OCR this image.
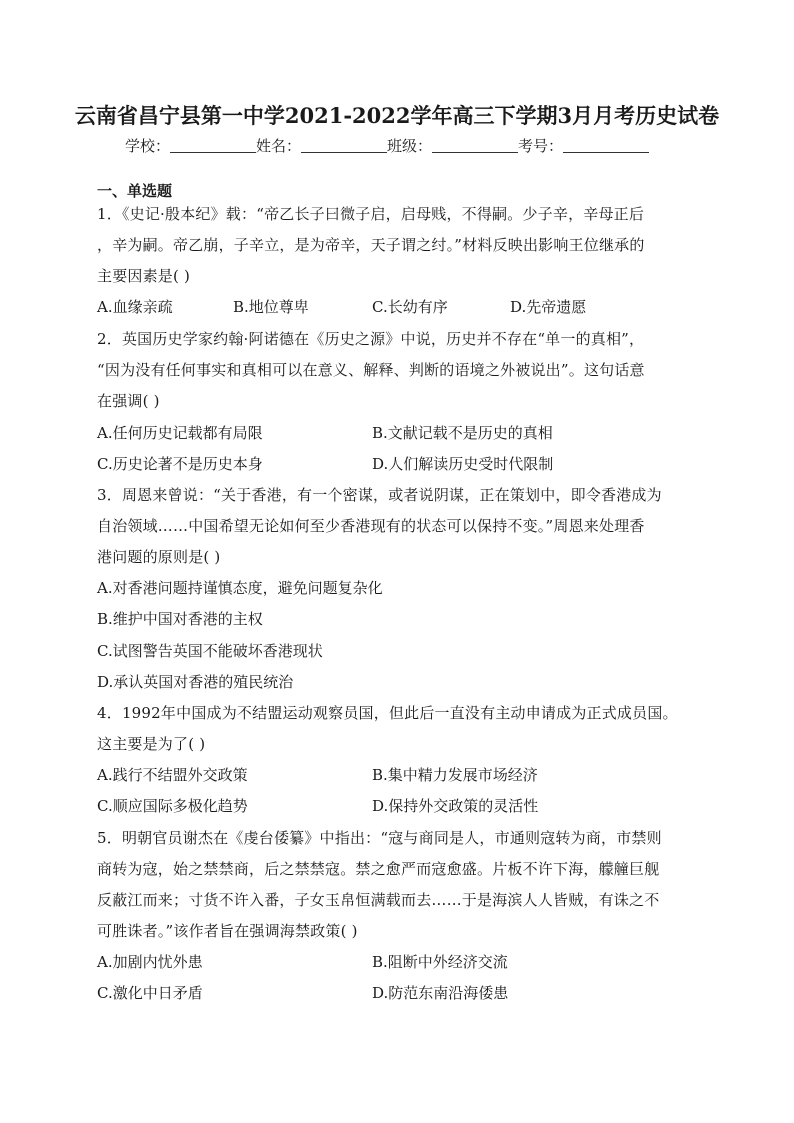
云南省昌宁县第一中学2021-2022学年高三下学期3月月考历史试卷
学校：	姓名：	班级：	考号：
一、单选题
1．《史记·殷本纪》载：“帝乙长子曰微子启，启母贱，不得嗣。少子辛，辛母正后
，辛为嗣。帝乙崩，子辛立，是为帝辛，天子谓之纣。”材料反映出影响王位继承的
主要因素是( )
A.血缘亲疏	B.地位尊卑	C.长幼有序	D.先帝遗愿
2．英国历史学家约翰·阿诺德在《历史之源》中说，历史并不存在“单一的真相”，
“因为没有任何事实和真相可以在意义、解释、判断的语境之外被说出”。这句话意
在强调( )
A.任何历史记载都有局限	B.文献记载不是历史的真相
C.历史论著不是历史本身	D.人们解读历史受时代限制
3．周恩来曾说：“关于香港，有一个密谋，或者说阴谋，正在策划中，即令香港成为
自治领域……中国希望无论如何至少香港现有的状态可以保持不变。”周恩来处理香
港问题的原则是( )
A.对香港问题持谨慎态度，避免问题复杂化
B.维护中国对香港的主权
C.试图警告英国不能破坏香港现状
D.承认英国对香港的殖民统治
4．1992年中国成为不结盟运动观察员国，但此后一直没有主动申请成为正式成员国。
这主要是为了( )
A.践行不结盟外交政策	B.集中精力发展市场经济
C.顺应国际多极化趋势	D.保持外交政策的灵活性
5．明朝官员谢杰在《虔台倭纂》中指出：“寇与商同是人，市通则寇转为商，市禁则
商转为寇，始之禁禁商，后之禁禁寇。禁之愈严而寇愈盛。片板不许下海，艨艟巨舰
反蔽江而来；寸货不许入番，子女玉帛恒满载而去……于是海滨人人皆贼，有诛之不
可胜诛者。”该作者旨在强调海禁政策( )
A.加剧内忧外患	B.阻断中外经济交流
C.激化中日矛盾	D.防范东南沿海倭患
